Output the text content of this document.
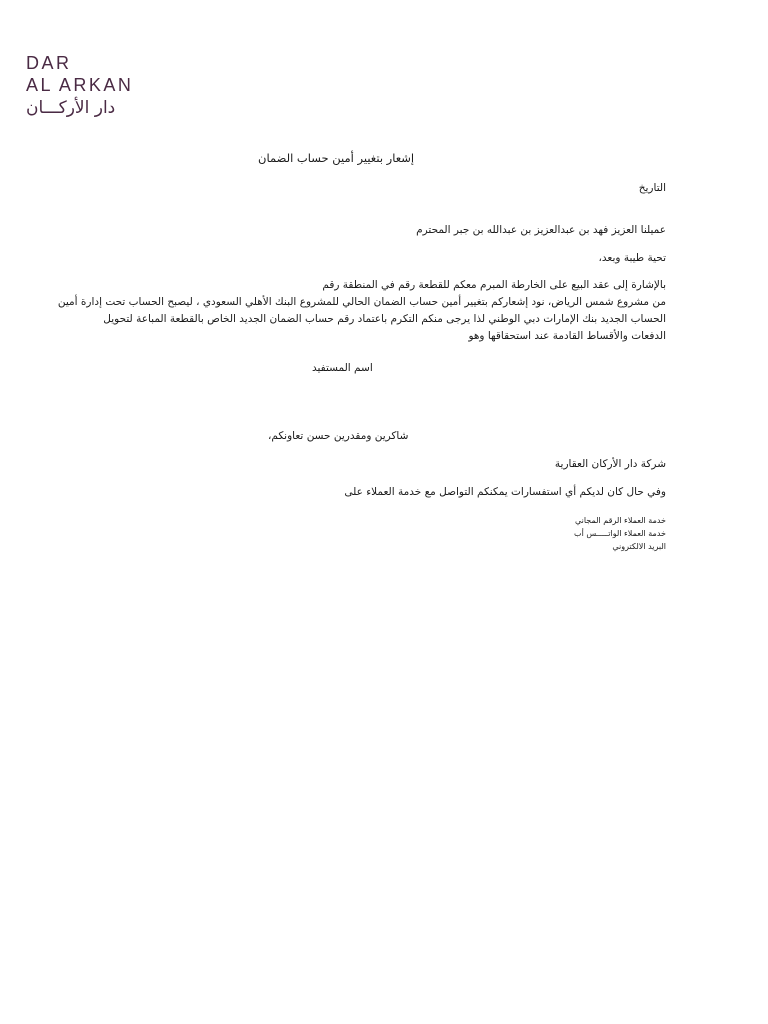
DAR
AL ARKAN
دار الأركـــان
إشعار بتغيير أمين حساب الضمان
التاريخ
عميلنا العزيز فهد بن عبدالعزيز بن عبدالله بن جبر المحترم
تحية طيبة وبعد،
بالإشارة إلى عقد البيع على الخارطة المبرم معكم للقطعة رقم في المنطقة رقم
من مشروع شمس الرياض، نود إشعاركم بتغيير أمين حساب الضمان الحالي للمشروع البنك الأهلي السعودي ، ليصبح الحساب تحت إدارة أمين
الحساب الجديد بنك الإمارات دبي الوطني لذا يرجى منكم التكرم باعتماد رقم حساب الضمان الجديد الخاص بالقطعة المباعة لتحويل
الدفعات والأقساط القادمة عند استحقاقها وهو
اسم المستفيد
شاكرين ومقدرين حسن تعاونكم،
شركة دار الأركان العقارية
وفي حال كان لديكم أي استفسارات يمكنكم التواصل مع خدمة العملاء على
خدمة العملاء الرقم المجاني
خدمة العملاء الواتـــــس أب
البريد الالكتروني
